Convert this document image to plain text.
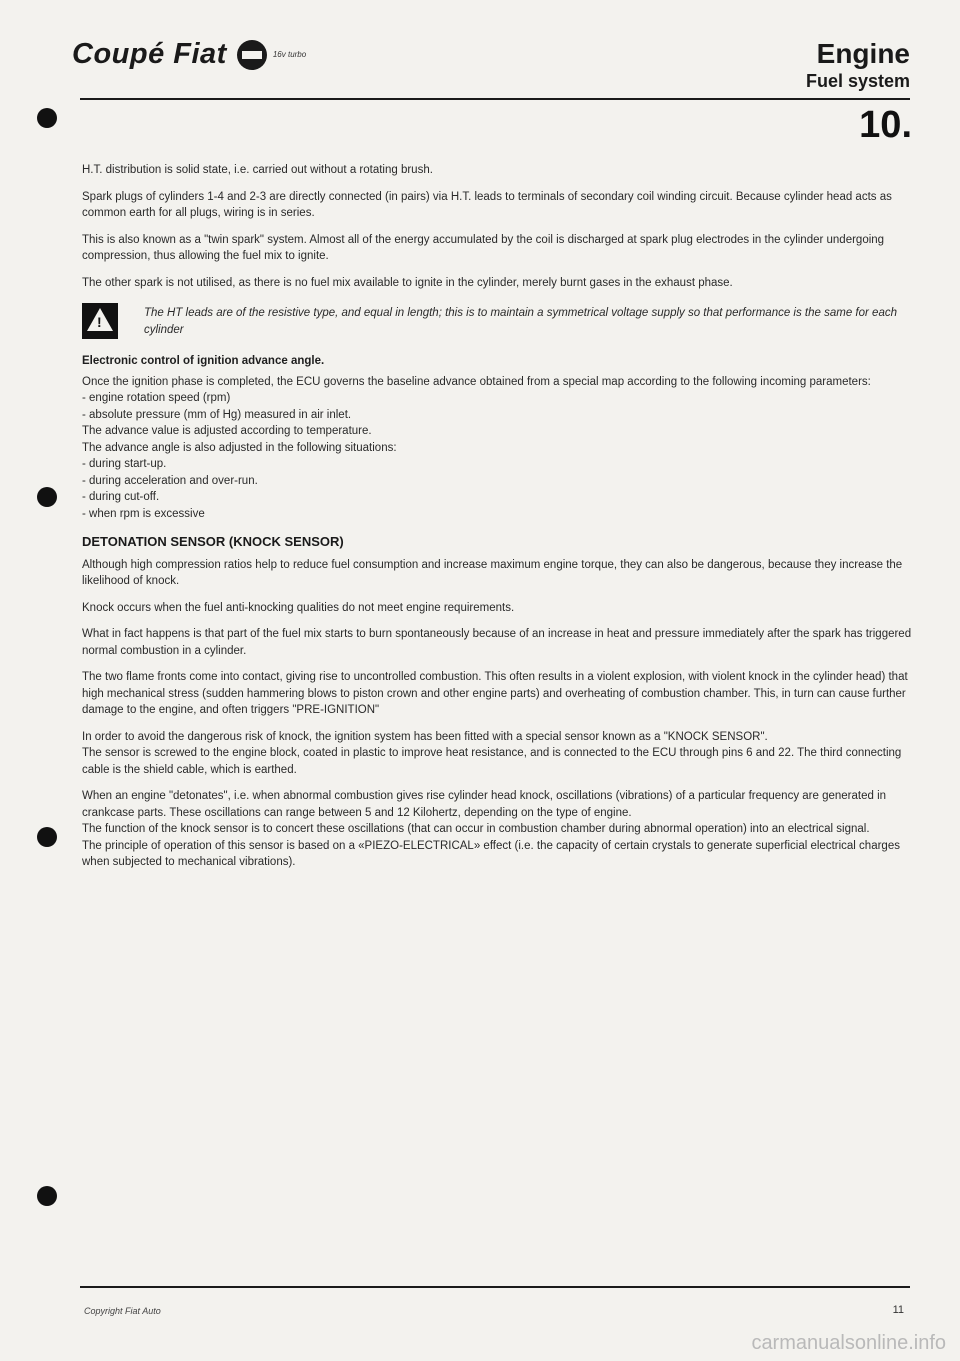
Coupé Fiat	16v turbo	Engine
Fuel system
10.

H.T. distribution is solid state, i.e. carried out without a rotating brush.

Spark plugs of cylinders 1-4 and 2-3 are directly connected (in pairs) via H.T. leads to terminals of secondary coil winding circuit. Because cylinder head acts as common earth for all plugs, wiring is in series.

This is also known as a "twin spark" system. Almost all of the energy accumulated by the coil is discharged at spark plug electrodes in the cylinder undergoing compression, thus allowing the fuel mix to ignite.

The other spark is not utilised, as there is no fuel mix available to ignite in the cylinder, merely burnt gases in the exhaust phase.

!
The HT leads are of the resistive type, and equal in length; this is to maintain a symmetrical voltage supply so that performance is the same for each cylinder
Electronic control of ignition advance angle.

Once the ignition phase is completed, the ECU governs the baseline advance obtained from a special map according to the following incoming parameters:

- engine rotation speed (rpm)
- absolute pressure (mm of Hg) measured in air inlet.

The advance value is adjusted according to temperature.

The advance angle is also adjusted in the following situations:

- during start-up.
- during acceleration and over-run.
- during cut-off.
- when rpm is excessive
DETONATION SENSOR (KNOCK SENSOR)

Although high compression ratios help to reduce fuel consumption and increase maximum engine torque, they can also be dangerous, because they increase the likelihood of knock.

Knock occurs when the fuel anti-knocking qualities do not meet engine requirements.

What in fact happens is that part of the fuel mix starts to burn spontaneously because of an increase in heat and pressure immediately after the spark has triggered normal combustion in a cylinder.

The two flame fronts come into contact, giving rise to uncontrolled combustion. This often results in a violent explosion, with violent knock in the cylinder head) that high mechanical stress (sudden hammering blows to piston crown and other engine parts) and overheating of combustion chamber. This, in turn can cause further damage to the engine, and often triggers "PRE-IGNITION"

In order to avoid the dangerous risk of knock, the ignition system has been fitted with a special sensor known as a "KNOCK SENSOR".

The sensor is screwed to the engine block, coated in plastic to improve heat resistance, and is connected to the ECU through pins 6 and 22. The third connecting cable is the shield cable, which is earthed.

When an engine "detonates", i.e. when abnormal combustion gives rise cylinder head knock, oscillations (vibrations) of a particular frequency are generated in crankcase parts. These oscillations can range between 5 and 12 Kilohertz, depending on the type of engine.

The function of the knock sensor is to concert these oscillations (that can occur in combustion chamber during abnormal operation) into an electrical signal.

The principle of operation of this sensor is based on a «PIEZO-ELECTRICAL» effect (i.e. the capacity of certain crystals to generate superficial electrical charges when subjected to mechanical vibrations).

Copyright Fiat Auto	11
carmanualsonline.info
